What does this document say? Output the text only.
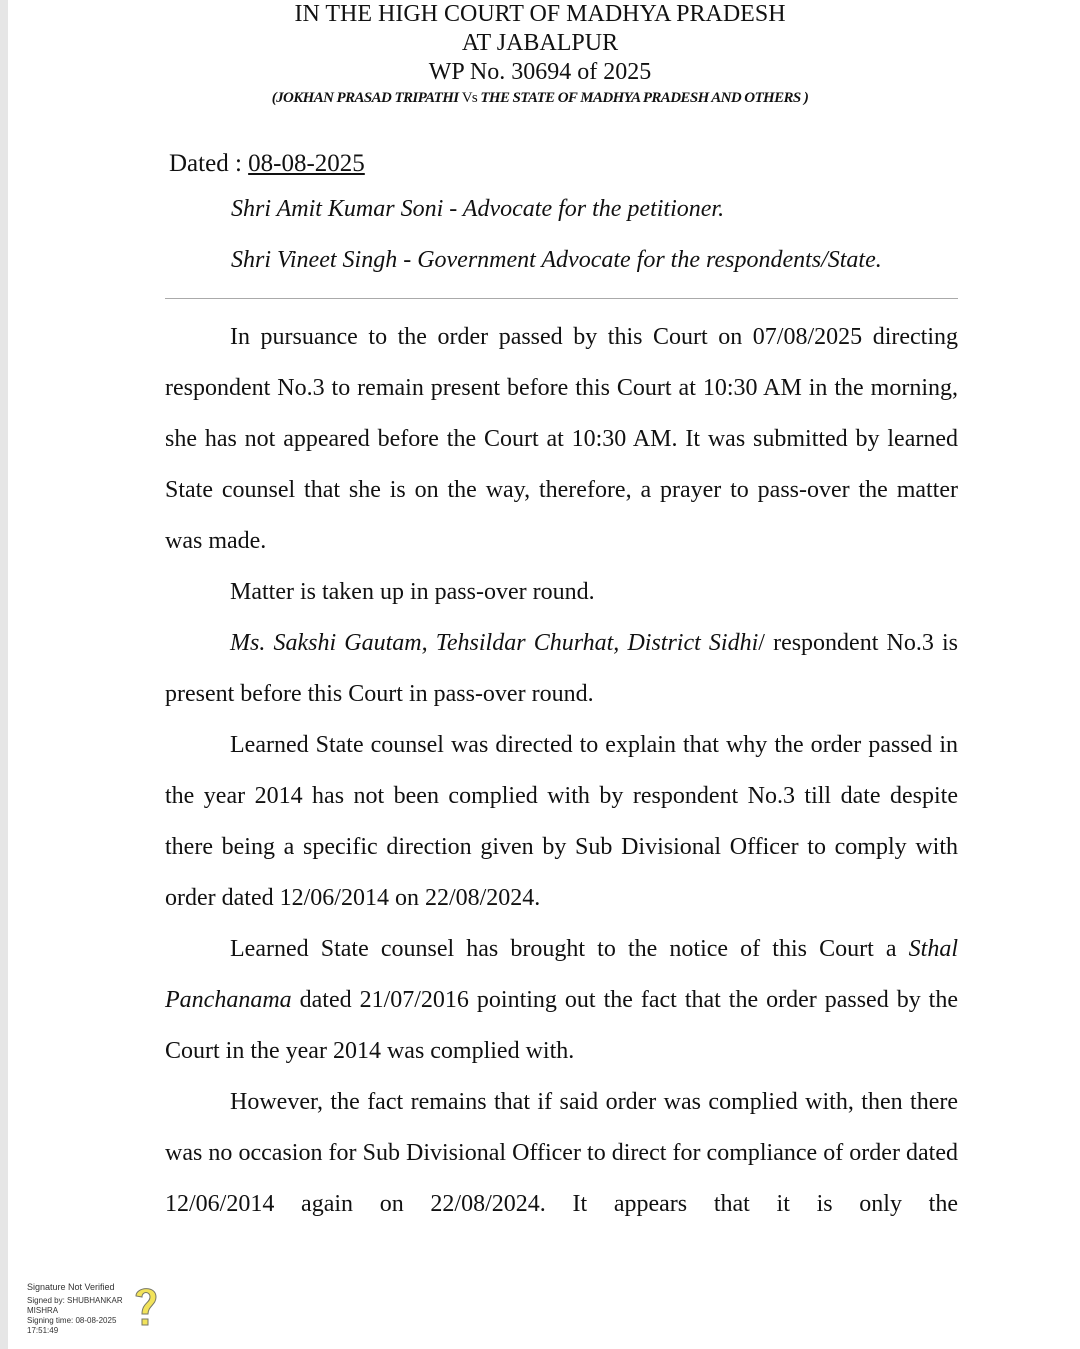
IN THE HIGH COURT OF MADHYA PRADESH
AT JABALPUR
WP No. 30694 of 2025
(JOKHAN PRASAD TRIPATHI Vs THE STATE OF MADHYA PRADESH AND OTHERS )
Dated : 08-08-2025
Shri Amit Kumar Soni - Advocate for the petitioner.
Shri Vineet Singh - Government Advocate for the respondents/State.

In pursuance to the order passed by this Court on 07/08/2025 directing respondent No.3 to remain present before this Court at 10:30 AM in the morning, she has not appeared before the Court at 10:30 AM. It was submitted by learned State counsel that she is on the way, therefore, a prayer to pass-over the matter was made.

Matter is taken up in pass-over round.

Ms. Sakshi Gautam, Tehsildar Churhat, District Sidhi/ respondent No.3 is present before this Court in pass-over round.

Learned State counsel was directed to explain that why the order passed in the year 2014 has not been complied with by respondent No.3 till date despite there being a specific direction given by Sub Divisional Officer to comply with order dated 12/06/2014 on 22/08/2024.

Learned State counsel has brought to the notice of this Court a Sthal Panchanama dated 21/07/2016 pointing out the fact that the order passed by the Court in the year 2014 was complied with.

However, the fact remains that if said order was complied with, then there was no occasion for Sub Divisional Officer to direct for compliance of order dated 12/06/2014 again on 22/08/2024. It appears that it is only the

Signature Not Verified
Signed by: SHUBHANKAR MISHRA
Signing time: 08-08-2025 17:51:49
